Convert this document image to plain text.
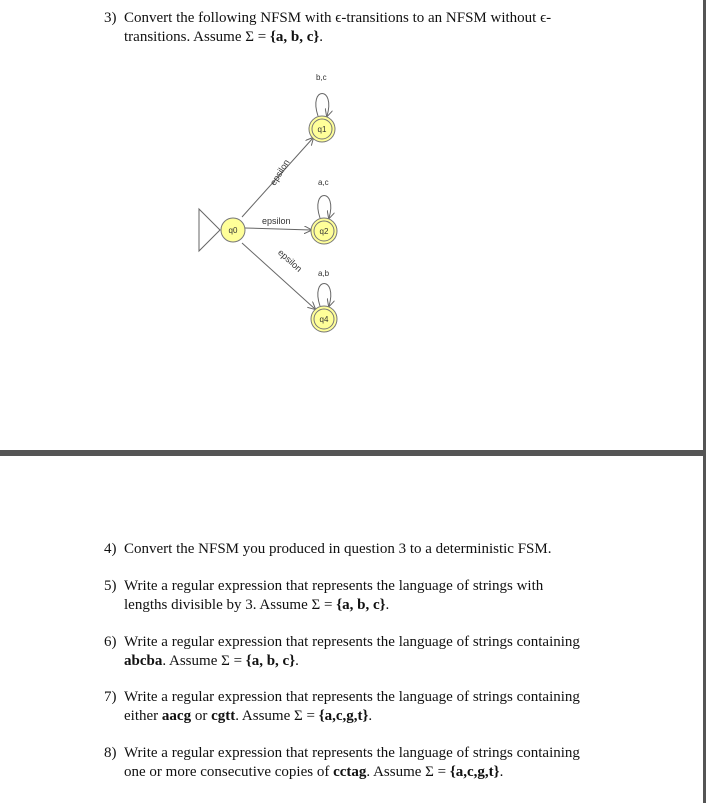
3) Convert the following NFSM with ϵ-transitions to an NFSM without ϵ-
transitions. Assume Σ = {a, b, c}.
epsilon
epsilon
epsilon
b,c
a,c
a,b
q0
q1
q2
q4
4) Convert the NFSM you produced in question 3 to a deterministic FSM.
5) Write a regular expression that represents the language of strings with
lengths divisible by 3. Assume Σ = {a, b, c}.
6) Write a regular expression that represents the language of strings containing
abcba. Assume Σ = {a, b, c}.
7) Write a regular expression that represents the language of strings containing
either aacg or cgtt. Assume Σ = {a,c,g,t}.
8) Write a regular expression that represents the language of strings containing
one or more consecutive copies of cctag. Assume Σ = {a,c,g,t}.
